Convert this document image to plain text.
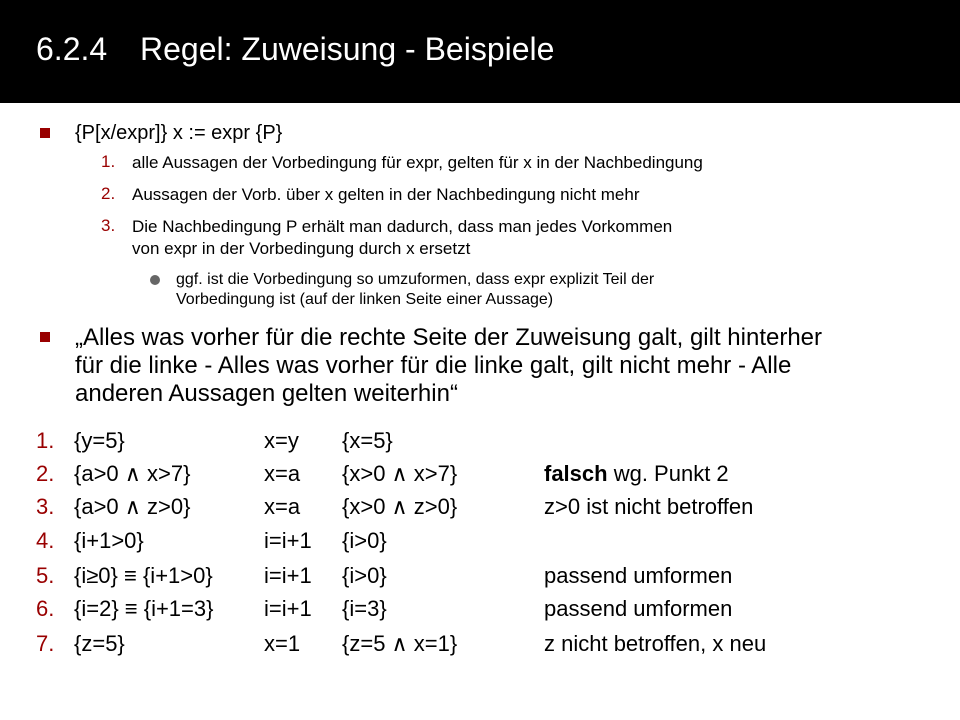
6.2.4 Regel: Zuweisung - Beispiele
{P[x/expr]} x := expr {P}
1. alle Aussagen der Vorbedingung für expr, gelten für x in der Nachbedingung
2. Aussagen der Vorb. über x gelten in der Nachbedingung nicht mehr
3. Die Nachbedingung P erhält man dadurch, dass man jedes Vorkommen
von expr in der Vorbedingung durch x ersetzt
ggf. ist die Vorbedingung so umzuformen, dass expr explizit Teil der
Vorbedingung ist (auf der linken Seite einer Aussage)
„Alles was vorher für die rechte Seite der Zuweisung galt, gilt hinterher
für die linke - Alles was vorher für die linke galt, gilt nicht mehr - Alle
anderen Aussagen gelten weiterhin“
1. {y=5}	x=y {x=5}
2. {a>0 ∧ x>7}	x=a {x>0 ∧ x>7}	falsch wg. Punkt 2
3. {a>0 ∧ z>0}	x=a {x>0 ∧ z>0}	z>0 ist nicht betroffen
4. {i+1>0}	i=i+1 {i>0}
5. {i≥0} ≡ {i+1>0} i=i+1 {i>0}	passend umformen
6. {i=2} ≡ {i+1=3} i=i+1 {i=3}	passend umformen
7. {z=5}	x=1 {z=5 ∧ x=1}	z nicht betroffen, x neu
